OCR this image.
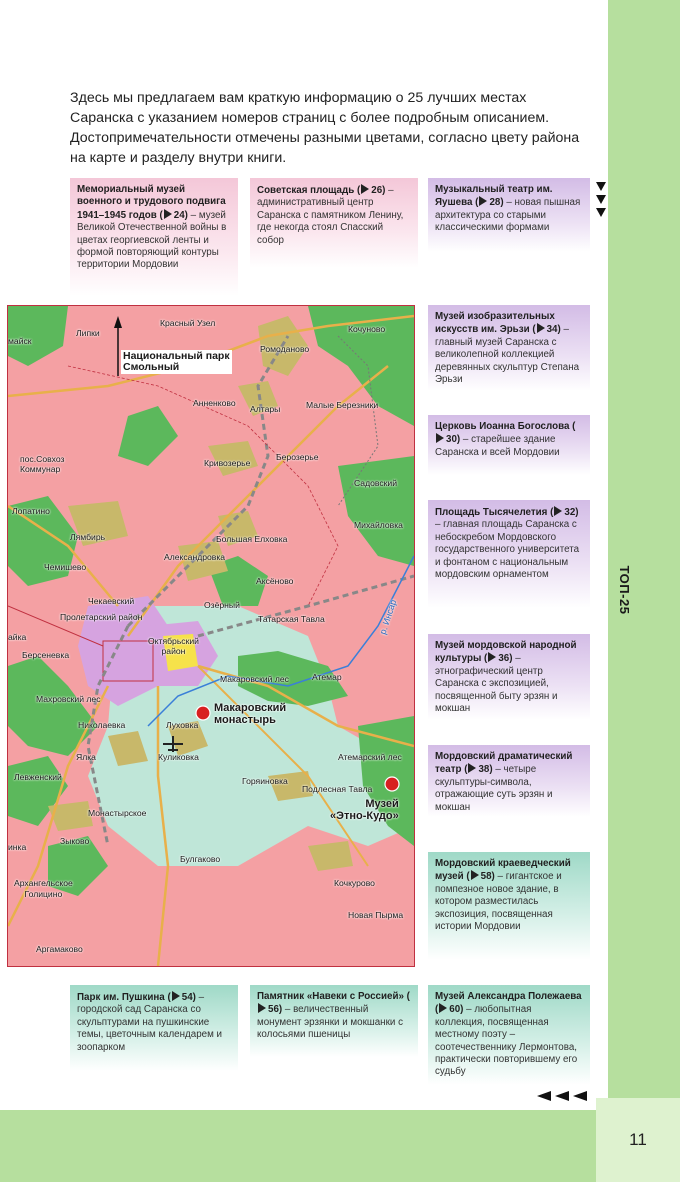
11
ТОП-25
Здесь мы предлагаем вам краткую информацию о 25 лучших местах Саранска с указанием номеров страниц с более подробным описанием. Достопримечательности отмечены разными цветами, согласно цвету района на карте и разделу внутри книги.
Мемориальный музей военного и трудового подвига 1941–1945 годов ( 24) – музей Великой Отечественной войны в цветах георгиевской ленты и формой повторяющий контуры территории Мордовии
Советская площадь ( 26) – административный центр Саранска с памятником Ленину, где некогда стоял Спасский собор
Музыкальный театр им. Яушева ( 28) – новая пышная архитектура со старыми классическими формами
Музей изобразительных искусств им. Эрьзи ( 34) – главный музей Саранска с великолепной коллекцией деревянных скульптур Степана Эрьзи
Церковь Иоанна Богослова (30) – старейшее здание Саранска и всей Мордовии
Площадь Тысячелетия ( 32) – главная площадь Саранска с небоскребом Мордовского государственного университета и фонтаном с национальным мордовским орнаментом
Музей мордовской народной культуры ( 36) – этнографический центр Саранска с экспозицией, посвященной быту эрзян и мокшан
Мордовский драматический театр ( 38) – четыре скульптуры-символа, отражающие суть эрзян и мокшан
Мордовский краеведческий музей ( 58) – гигантское и помпезное новое здание, в котором разместилась экспозиция, посвященная истории Мордовии
Парк им. Пушкина ( 54) – городской сад Саранска со скульптурами на пушкинские темы, цветочным календарем и зоопарком
Памятник «Навеки с Россией» (56) – величественный монумент эрзянки и мокшанки с колосьями пшеницы
Музей Александра Полежаева ( 60) – любопытная коллекция, посвященная местному поэту – соотечественнику Лермонтова, практически повторившему его судьбу
Липки
Красный Узел
Кочуново
майск
Ромоданово
Национальный парк
Смольный
Анненково
Алтары	Малые Березники
пос.Совхоз
Коммунар
Кривозерье
Берозерье
Садовский
Лопатино
Михайловка
Лямбирь	Большая Елховка
Чемишево
Александровка
Аксёново
Чекаевский	Озёрный
Пролетарский район	Татарская Тавла
айка	Октябрьский
район
Берсеневка
р. Инсар
Макаровский лес	Атемар
Махровский лес
Макаровский
монастырь
Николаевка	Луховка
Ялка	Куликовка	Атемарский лес
Левженский	Горяиновка
Подлесная Тавла
Музей
«Этно-Кудо»
Монастырское
Зыково
инка
Булгаково
Архангельское
Голицино
Кочкурово
Новая Пырма
Аргамаково
